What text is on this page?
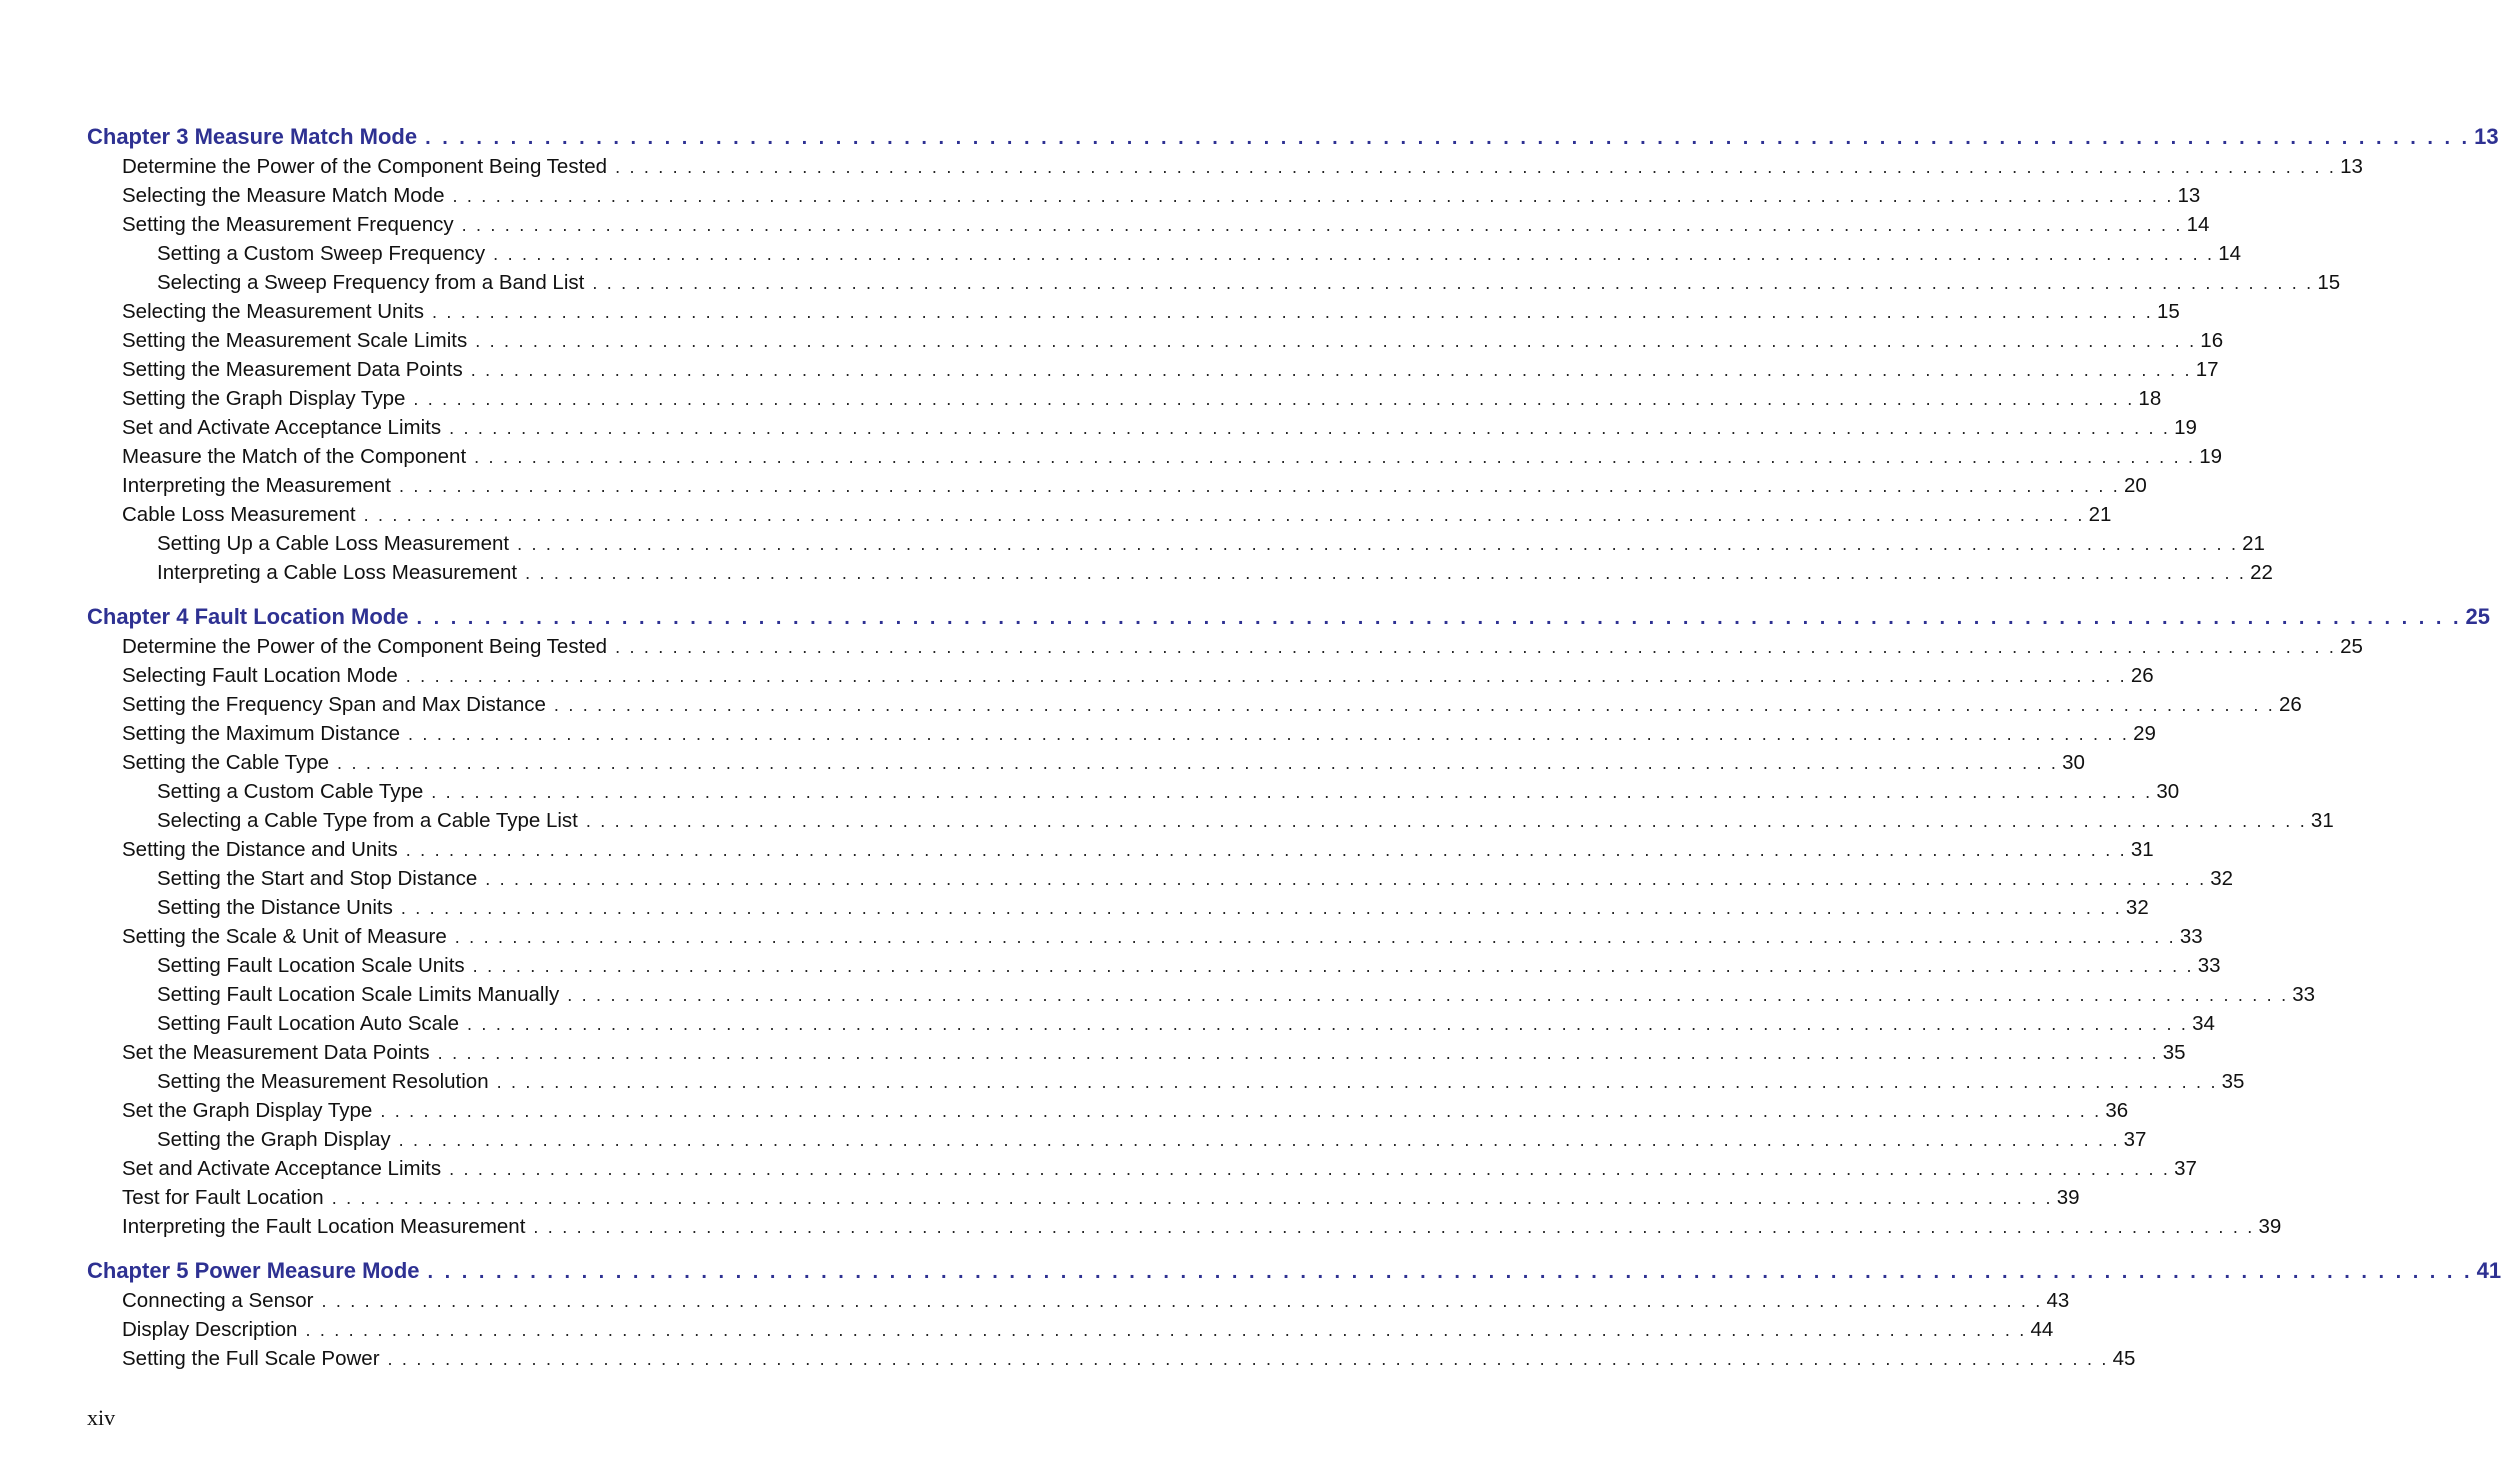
Chapter 3 Measure Match Mode . . . . . . . . . . . . . . . . . . . . . . . . . . . . . . . . . . . . . . . . . . . . . . . . . . . . . . . . . . . . . . . . . . . . . . . . . . . . . . . . . . . . . . . . . . . . . . . . . . . . . . . . . . . . . . . . . . . . . . . . 13
Determine the Power of the Component Being Tested . . . . . . . . . . . . . . . . . . . . . . . . . . . . . . . . . . . . . . . . . . . . . . . . . . . . . . . . . . . . . . . . . . . . . . . . . . . . . . . . . . . . . . . . . . . . . . . . . . . . . . . . . . . . . . . . . . . . . . . . 13
Selecting the Measure Match Mode . . . . . . . . . . . . . . . . . . . . . . . . . . . . . . . . . . . . . . . . . . . . . . . . . . . . . . . . . . . . . . . . . . . . . . . . . . . . . . . . . . . . . . . . . . . . . . . . . . . . . . . . . . . . . . . . . . . . . . . . 13
Setting the Measurement Frequency . . . . . . . . . . . . . . . . . . . . . . . . . . . . . . . . . . . . . . . . . . . . . . . . . . . . . . . . . . . . . . . . . . . . . . . . . . . . . . . . . . . . . . . . . . . . . . . . . . . . . . . . . . . . . . . . . . . . . . . . 14
Setting a Custom Sweep Frequency . . . . . . . . . . . . . . . . . . . . . . . . . . . . . . . . . . . . . . . . . . . . . . . . . . . . . . . . . . . . . . . . . . . . . . . . . . . . . . . . . . . . . . . . . . . . . . . . . . . . . . . . . . . . . . . . . . . . . . . . 14
Selecting a Sweep Frequency from a Band List . . . . . . . . . . . . . . . . . . . . . . . . . . . . . . . . . . . . . . . . . . . . . . . . . . . . . . . . . . . . . . . . . . . . . . . . . . . . . . . . . . . . . . . . . . . . . . . . . . . . . . . . . . . . . . . . . . . . . . . . 15
Selecting the Measurement Units . . . . . . . . . . . . . . . . . . . . . . . . . . . . . . . . . . . . . . . . . . . . . . . . . . . . . . . . . . . . . . . . . . . . . . . . . . . . . . . . . . . . . . . . . . . . . . . . . . . . . . . . . . . . . . . . . . . . . . . . 15
Setting the Measurement Scale Limits . . . . . . . . . . . . . . . . . . . . . . . . . . . . . . . . . . . . . . . . . . . . . . . . . . . . . . . . . . . . . . . . . . . . . . . . . . . . . . . . . . . . . . . . . . . . . . . . . . . . . . . . . . . . . . . . . . . . . . . . 16
Setting the Measurement Data Points . . . . . . . . . . . . . . . . . . . . . . . . . . . . . . . . . . . . . . . . . . . . . . . . . . . . . . . . . . . . . . . . . . . . . . . . . . . . . . . . . . . . . . . . . . . . . . . . . . . . . . . . . . . . . . . . . . . . . . . . 17
Setting the Graph Display Type . . . . . . . . . . . . . . . . . . . . . . . . . . . . . . . . . . . . . . . . . . . . . . . . . . . . . . . . . . . . . . . . . . . . . . . . . . . . . . . . . . . . . . . . . . . . . . . . . . . . . . . . . . . . . . . . . . . . . . . . 18
Set and Activate Acceptance Limits . . . . . . . . . . . . . . . . . . . . . . . . . . . . . . . . . . . . . . . . . . . . . . . . . . . . . . . . . . . . . . . . . . . . . . . . . . . . . . . . . . . . . . . . . . . . . . . . . . . . . . . . . . . . . . . . . . . . . . . . 19
Measure the Match of the Component . . . . . . . . . . . . . . . . . . . . . . . . . . . . . . . . . . . . . . . . . . . . . . . . . . . . . . . . . . . . . . . . . . . . . . . . . . . . . . . . . . . . . . . . . . . . . . . . . . . . . . . . . . . . . . . . . . . . . . . . 19
Interpreting the Measurement . . . . . . . . . . . . . . . . . . . . . . . . . . . . . . . . . . . . . . . . . . . . . . . . . . . . . . . . . . . . . . . . . . . . . . . . . . . . . . . . . . . . . . . . . . . . . . . . . . . . . . . . . . . . . . . . . . . . . . . . 20
Cable Loss Measurement . . . . . . . . . . . . . . . . . . . . . . . . . . . . . . . . . . . . . . . . . . . . . . . . . . . . . . . . . . . . . . . . . . . . . . . . . . . . . . . . . . . . . . . . . . . . . . . . . . . . . . . . . . . . . . . . . . . . . . . . 21
Setting Up a Cable Loss Measurement . . . . . . . . . . . . . . . . . . . . . . . . . . . . . . . . . . . . . . . . . . . . . . . . . . . . . . . . . . . . . . . . . . . . . . . . . . . . . . . . . . . . . . . . . . . . . . . . . . . . . . . . . . . . . . . . . . . . . . . . 21
Interpreting a Cable Loss Measurement . . . . . . . . . . . . . . . . . . . . . . . . . . . . . . . . . . . . . . . . . . . . . . . . . . . . . . . . . . . . . . . . . . . . . . . . . . . . . . . . . . . . . . . . . . . . . . . . . . . . . . . . . . . . . . . . . . . . . . . . 22
Chapter 4 Fault Location Mode . . . . . . . . . . . . . . . . . . . . . . . . . . . . . . . . . . . . . . . . . . . . . . . . . . . . . . . . . . . . . . . . . . . . . . . . . . . . . . . . . . . . . . . . . . . . . . . . . . . . . . . . . . . . . . . . . . . . . . . . 25
Determine the Power of the Component Being Tested . . . . . . . . . . . . . . . . . . . . . . . . . . . . . . . . . . . . . . . . . . . . . . . . . . . . . . . . . . . . . . . . . . . . . . . . . . . . . . . . . . . . . . . . . . . . . . . . . . . . . . . . . . . . . . . . . . . . . . . . 25
Selecting Fault Location Mode . . . . . . . . . . . . . . . . . . . . . . . . . . . . . . . . . . . . . . . . . . . . . . . . . . . . . . . . . . . . . . . . . . . . . . . . . . . . . . . . . . . . . . . . . . . . . . . . . . . . . . . . . . . . . . . . . . . . . . . . 26
Setting the Frequency Span and Max Distance . . . . . . . . . . . . . . . . . . . . . . . . . . . . . . . . . . . . . . . . . . . . . . . . . . . . . . . . . . . . . . . . . . . . . . . . . . . . . . . . . . . . . . . . . . . . . . . . . . . . . . . . . . . . . . . . . . . . . . . . 26
Setting the Maximum Distance . . . . . . . . . . . . . . . . . . . . . . . . . . . . . . . . . . . . . . . . . . . . . . . . . . . . . . . . . . . . . . . . . . . . . . . . . . . . . . . . . . . . . . . . . . . . . . . . . . . . . . . . . . . . . . . . . . . . . . . . 29
Setting the Cable Type . . . . . . . . . . . . . . . . . . . . . . . . . . . . . . . . . . . . . . . . . . . . . . . . . . . . . . . . . . . . . . . . . . . . . . . . . . . . . . . . . . . . . . . . . . . . . . . . . . . . . . . . . . . . . . . . . . . . . . . . 30
Setting a Custom Cable Type . . . . . . . . . . . . . . . . . . . . . . . . . . . . . . . . . . . . . . . . . . . . . . . . . . . . . . . . . . . . . . . . . . . . . . . . . . . . . . . . . . . . . . . . . . . . . . . . . . . . . . . . . . . . . . . . . . . . . . . . 30
Selecting a Cable Type from a Cable Type List . . . . . . . . . . . . . . . . . . . . . . . . . . . . . . . . . . . . . . . . . . . . . . . . . . . . . . . . . . . . . . . . . . . . . . . . . . . . . . . . . . . . . . . . . . . . . . . . . . . . . . . . . . . . . . . . . . . . . . . . 31
Setting the Distance and Units . . . . . . . . . . . . . . . . . . . . . . . . . . . . . . . . . . . . . . . . . . . . . . . . . . . . . . . . . . . . . . . . . . . . . . . . . . . . . . . . . . . . . . . . . . . . . . . . . . . . . . . . . . . . . . . . . . . . . . . . 31
Setting the Start and Stop Distance . . . . . . . . . . . . . . . . . . . . . . . . . . . . . . . . . . . . . . . . . . . . . . . . . . . . . . . . . . . . . . . . . . . . . . . . . . . . . . . . . . . . . . . . . . . . . . . . . . . . . . . . . . . . . . . . . . . . . . . . 32
Setting the Distance Units . . . . . . . . . . . . . . . . . . . . . . . . . . . . . . . . . . . . . . . . . . . . . . . . . . . . . . . . . . . . . . . . . . . . . . . . . . . . . . . . . . . . . . . . . . . . . . . . . . . . . . . . . . . . . . . . . . . . . . . . 32
Setting the Scale & Unit of Measure . . . . . . . . . . . . . . . . . . . . . . . . . . . . . . . . . . . . . . . . . . . . . . . . . . . . . . . . . . . . . . . . . . . . . . . . . . . . . . . . . . . . . . . . . . . . . . . . . . . . . . . . . . . . . . . . . . . . . . . . 33
Setting Fault Location Scale Units . . . . . . . . . . . . . . . . . . . . . . . . . . . . . . . . . . . . . . . . . . . . . . . . . . . . . . . . . . . . . . . . . . . . . . . . . . . . . . . . . . . . . . . . . . . . . . . . . . . . . . . . . . . . . . . . . . . . . . . . 33
Setting Fault Location Scale Limits Manually . . . . . . . . . . . . . . . . . . . . . . . . . . . . . . . . . . . . . . . . . . . . . . . . . . . . . . . . . . . . . . . . . . . . . . . . . . . . . . . . . . . . . . . . . . . . . . . . . . . . . . . . . . . . . . . . . . . . . . . . 33
Setting Fault Location Auto Scale . . . . . . . . . . . . . . . . . . . . . . . . . . . . . . . . . . . . . . . . . . . . . . . . . . . . . . . . . . . . . . . . . . . . . . . . . . . . . . . . . . . . . . . . . . . . . . . . . . . . . . . . . . . . . . . . . . . . . . . . 34
Set the Measurement Data Points . . . . . . . . . . . . . . . . . . . . . . . . . . . . . . . . . . . . . . . . . . . . . . . . . . . . . . . . . . . . . . . . . . . . . . . . . . . . . . . . . . . . . . . . . . . . . . . . . . . . . . . . . . . . . . . . . . . . . . . . 35
Setting the Measurement Resolution . . . . . . . . . . . . . . . . . . . . . . . . . . . . . . . . . . . . . . . . . . . . . . . . . . . . . . . . . . . . . . . . . . . . . . . . . . . . . . . . . . . . . . . . . . . . . . . . . . . . . . . . . . . . . . . . . . . . . . . . 35
Set the Graph Display Type . . . . . . . . . . . . . . . . . . . . . . . . . . . . . . . . . . . . . . . . . . . . . . . . . . . . . . . . . . . . . . . . . . . . . . . . . . . . . . . . . . . . . . . . . . . . . . . . . . . . . . . . . . . . . . . . . . . . . . . . 36
Setting the Graph Display . . . . . . . . . . . . . . . . . . . . . . . . . . . . . . . . . . . . . . . . . . . . . . . . . . . . . . . . . . . . . . . . . . . . . . . . . . . . . . . . . . . . . . . . . . . . . . . . . . . . . . . . . . . . . . . . . . . . . . . . 37
Set and Activate Acceptance Limits . . . . . . . . . . . . . . . . . . . . . . . . . . . . . . . . . . . . . . . . . . . . . . . . . . . . . . . . . . . . . . . . . . . . . . . . . . . . . . . . . . . . . . . . . . . . . . . . . . . . . . . . . . . . . . . . . . . . . . . . 37
Test for Fault Location . . . . . . . . . . . . . . . . . . . . . . . . . . . . . . . . . . . . . . . . . . . . . . . . . . . . . . . . . . . . . . . . . . . . . . . . . . . . . . . . . . . . . . . . . . . . . . . . . . . . . . . . . . . . . . . . . . . . . . . . 39
Interpreting the Fault Location Measurement . . . . . . . . . . . . . . . . . . . . . . . . . . . . . . . . . . . . . . . . . . . . . . . . . . . . . . . . . . . . . . . . . . . . . . . . . . . . . . . . . . . . . . . . . . . . . . . . . . . . . . . . . . . . . . . . . . . . . . . . 39
Chapter 5 Power Measure Mode . . . . . . . . . . . . . . . . . . . . . . . . . . . . . . . . . . . . . . . . . . . . . . . . . . . . . . . . . . . . . . . . . . . . . . . . . . . . . . . . . . . . . . . . . . . . . . . . . . . . . . . . . . . . . . . . . . . . . . . . 41
Connecting a Sensor . . . . . . . . . . . . . . . . . . . . . . . . . . . . . . . . . . . . . . . . . . . . . . . . . . . . . . . . . . . . . . . . . . . . . . . . . . . . . . . . . . . . . . . . . . . . . . . . . . . . . . . . . . . . . . . . . . . . . . . . 43
Display Description . . . . . . . . . . . . . . . . . . . . . . . . . . . . . . . . . . . . . . . . . . . . . . . . . . . . . . . . . . . . . . . . . . . . . . . . . . . . . . . . . . . . . . . . . . . . . . . . . . . . . . . . . . . . . . . . . . . . . . . . 44
Setting the Full Scale Power . . . . . . . . . . . . . . . . . . . . . . . . . . . . . . . . . . . . . . . . . . . . . . . . . . . . . . . . . . . . . . . . . . . . . . . . . . . . . . . . . . . . . . . . . . . . . . . . . . . . . . . . . . . . . . . . . . . . . . . . 45
xiv
